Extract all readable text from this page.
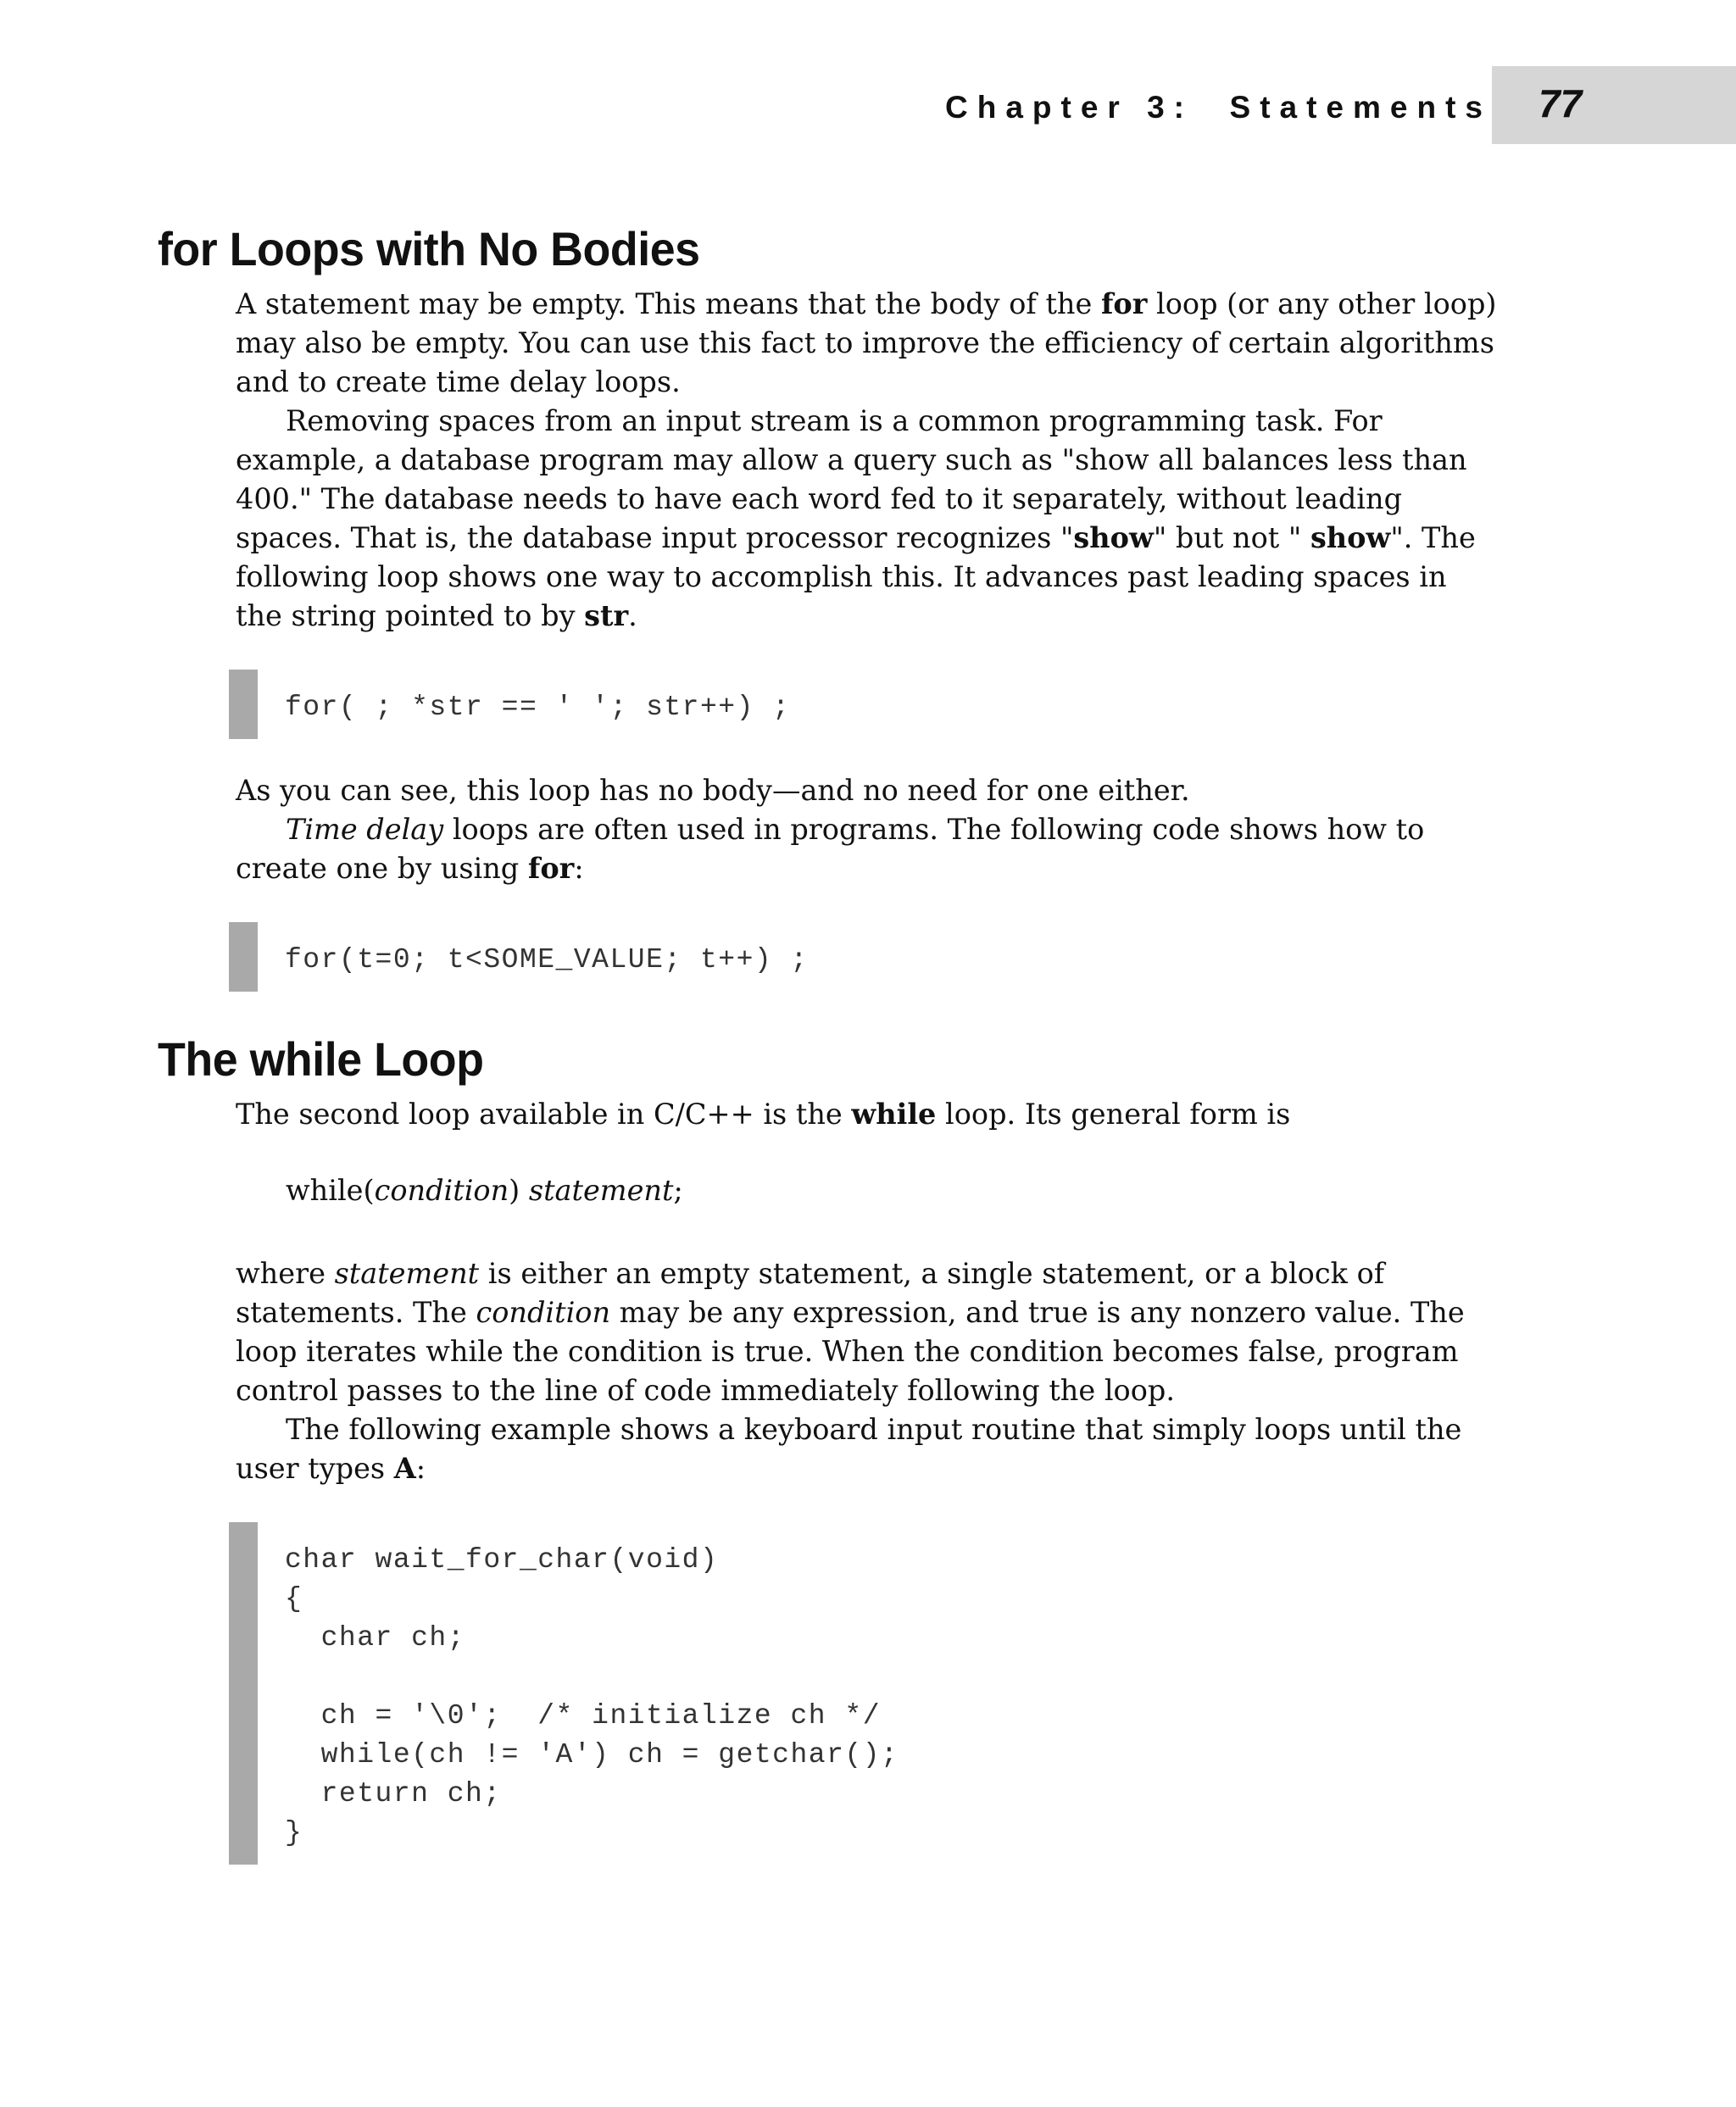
Chapter 3:  Statements 77
for Loops with No Bodies

A statement may be empty. This means that the body of the for loop (or any other loop) may also be empty. You can use this fact to improve the efficiency of certain algorithms and to create time delay loops.

Removing spaces from an input stream is a common programming task. For example, a database program may allow a query such as "show all balances less than 400." The database needs to have each word fed to it separately, without leading spaces. That is, the database input processor recognizes "show" but not " show". The following loop shows one way to accomplish this. It advances past leading spaces in the string pointed to by str.

for( ; *str == ' '; str++) ;

As you can see, this loop has no body—and no need for one either.

Time delay loops are often used in programs. The following code shows how to create one by using for:

for(t=0; t<SOME_VALUE; t++) ;
The while Loop

The second loop available in C/C++ is the while loop. Its general form is

while(condition) statement;

where statement is either an empty statement, a single statement, or a block of statements. The condition may be any expression, and true is any nonzero value. The loop iterates while the condition is true. When the condition becomes false, program control passes to the line of code immediately following the loop.

The following example shows a keyboard input routine that simply loops until the user types A:

char wait_for_char(void)
{
char ch;

ch = '\0';  /* initialize ch */
while(ch != 'A') ch = getchar();
return ch;
}
